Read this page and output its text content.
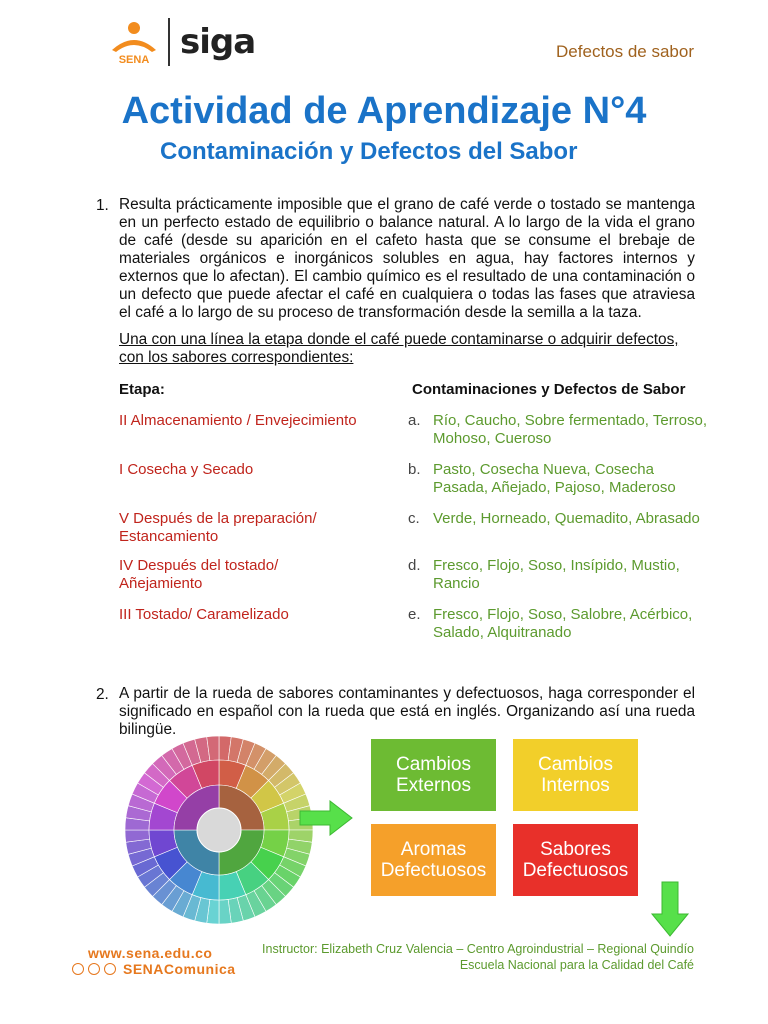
SENA siga	Defectos de sabor
Actividad de Aprendizaje N°4
Contaminación y Defectos del Sabor
1. Resulta prácticamente imposible que el grano de café verde o tostado se mantenga en un perfecto estado de equilibrio o balance natural. A lo largo de la vida el grano de café (desde su aparición en el cafeto hasta que se consume el brebaje de materiales orgánicos e inorgánicos solubles en agua, hay factores internos y externos que lo afectan). El cambio químico es el resultado de una contaminación o un defecto que puede afectar el café en cualquiera o todas las fases que atraviesa el café a lo largo de su proceso de transformación desde la semilla a la taza.
Una con una línea la etapa donde el café puede contaminarse o adquirir defectos, con los sabores correspondientes:
Etapa:	Contaminaciones y Defectos de Sabor
II Almacenamiento / Envejecimiento
I Cosecha y Secado
V Después de la preparación/ Estancamiento
IV Después del tostado/ Añejamiento
III Tostado/ Caramelizado
a. Río, Caucho, Sobre fermentado, Terroso, Mohoso, Cueroso
b. Pasto, Cosecha Nueva, Cosecha Pasada, Añejado, Pajoso, Maderoso
c. Verde, Horneado, Quemadito, Abrasado
d. Fresco, Flojo, Soso, Insípido, Mustio, Rancio
e. Fresco, Flojo, Soso, Salobre, Acérbico, Salado, Alquitranado
2. A partir de la rueda de sabores contaminantes y defectuosos, haga corresponder el significado en español con la rueda que está en inglés. Organizando así una rueda bilingüe.
Cambios
Externos
Cambios
Internos
Aromas
Defectuosos
Sabores
Defectuosos
www.sena.edu.co
SENAComunica
Instructor: Elizabeth Cruz Valencia – Centro Agroindustrial – Regional Quindío
Escuela Nacional para la Calidad del Café
